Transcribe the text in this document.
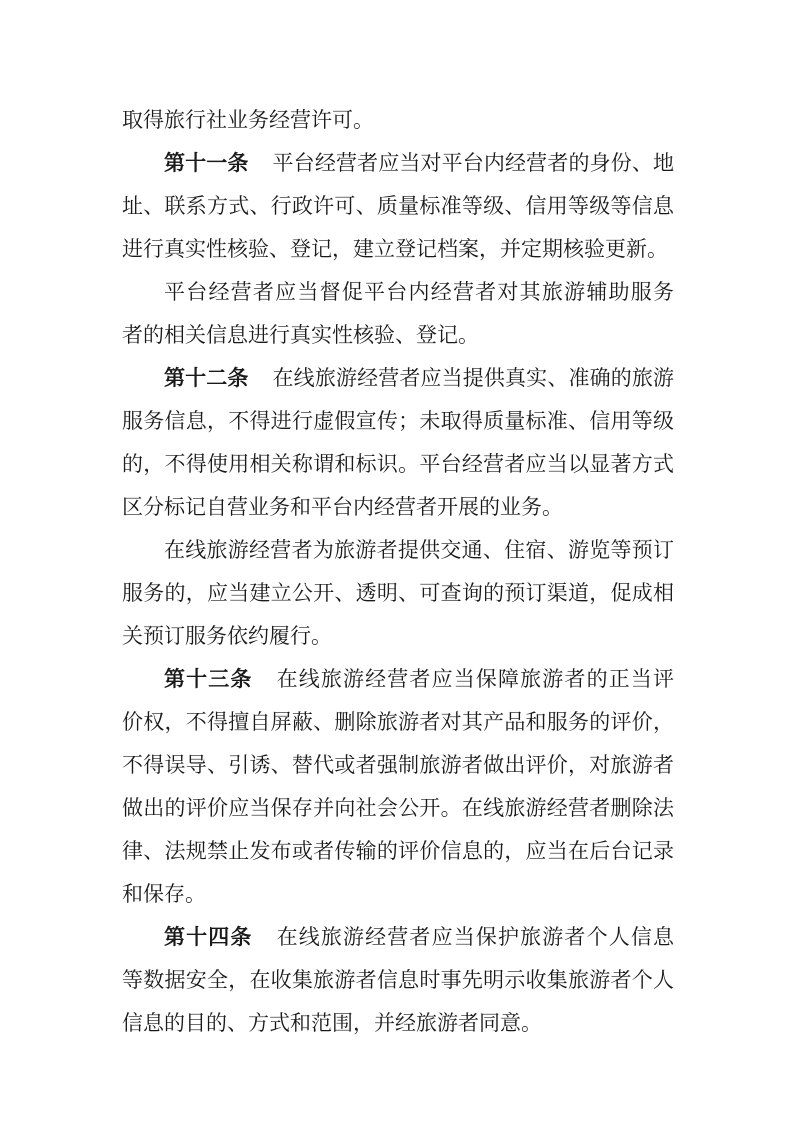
取得旅行社业务经营许可。
第十一条 平台经营者应当对平台内经营者的身份、地
址、联系方式、行政许可、质量标准等级、信用等级等信息
进行真实性核验、登记，建立登记档案，并定期核验更新。
平台经营者应当督促平台内经营者对其旅游辅助服务
者的相关信息进行真实性核验、登记。
第十二条 在线旅游经营者应当提供真实、准确的旅游
服务信息，不得进行虚假宣传；未取得质量标准、信用等级
的，不得使用相关称谓和标识。平台经营者应当以显著方式
区分标记自营业务和平台内经营者开展的业务。
在线旅游经营者为旅游者提供交通、住宿、游览等预订
服务的，应当建立公开、透明、可查询的预订渠道，促成相
关预订服务依约履行。
第十三条 在线旅游经营者应当保障旅游者的正当评
价权，不得擅自屏蔽、删除旅游者对其产品和服务的评价，
不得误导、引诱、替代或者强制旅游者做出评价，对旅游者
做出的评价应当保存并向社会公开。在线旅游经营者删除法
律、法规禁止发布或者传输的评价信息的，应当在后台记录
和保存。
第十四条 在线旅游经营者应当保护旅游者个人信息
等数据安全，在收集旅游者信息时事先明示收集旅游者个人
信息的目的、方式和范围，并经旅游者同意。
